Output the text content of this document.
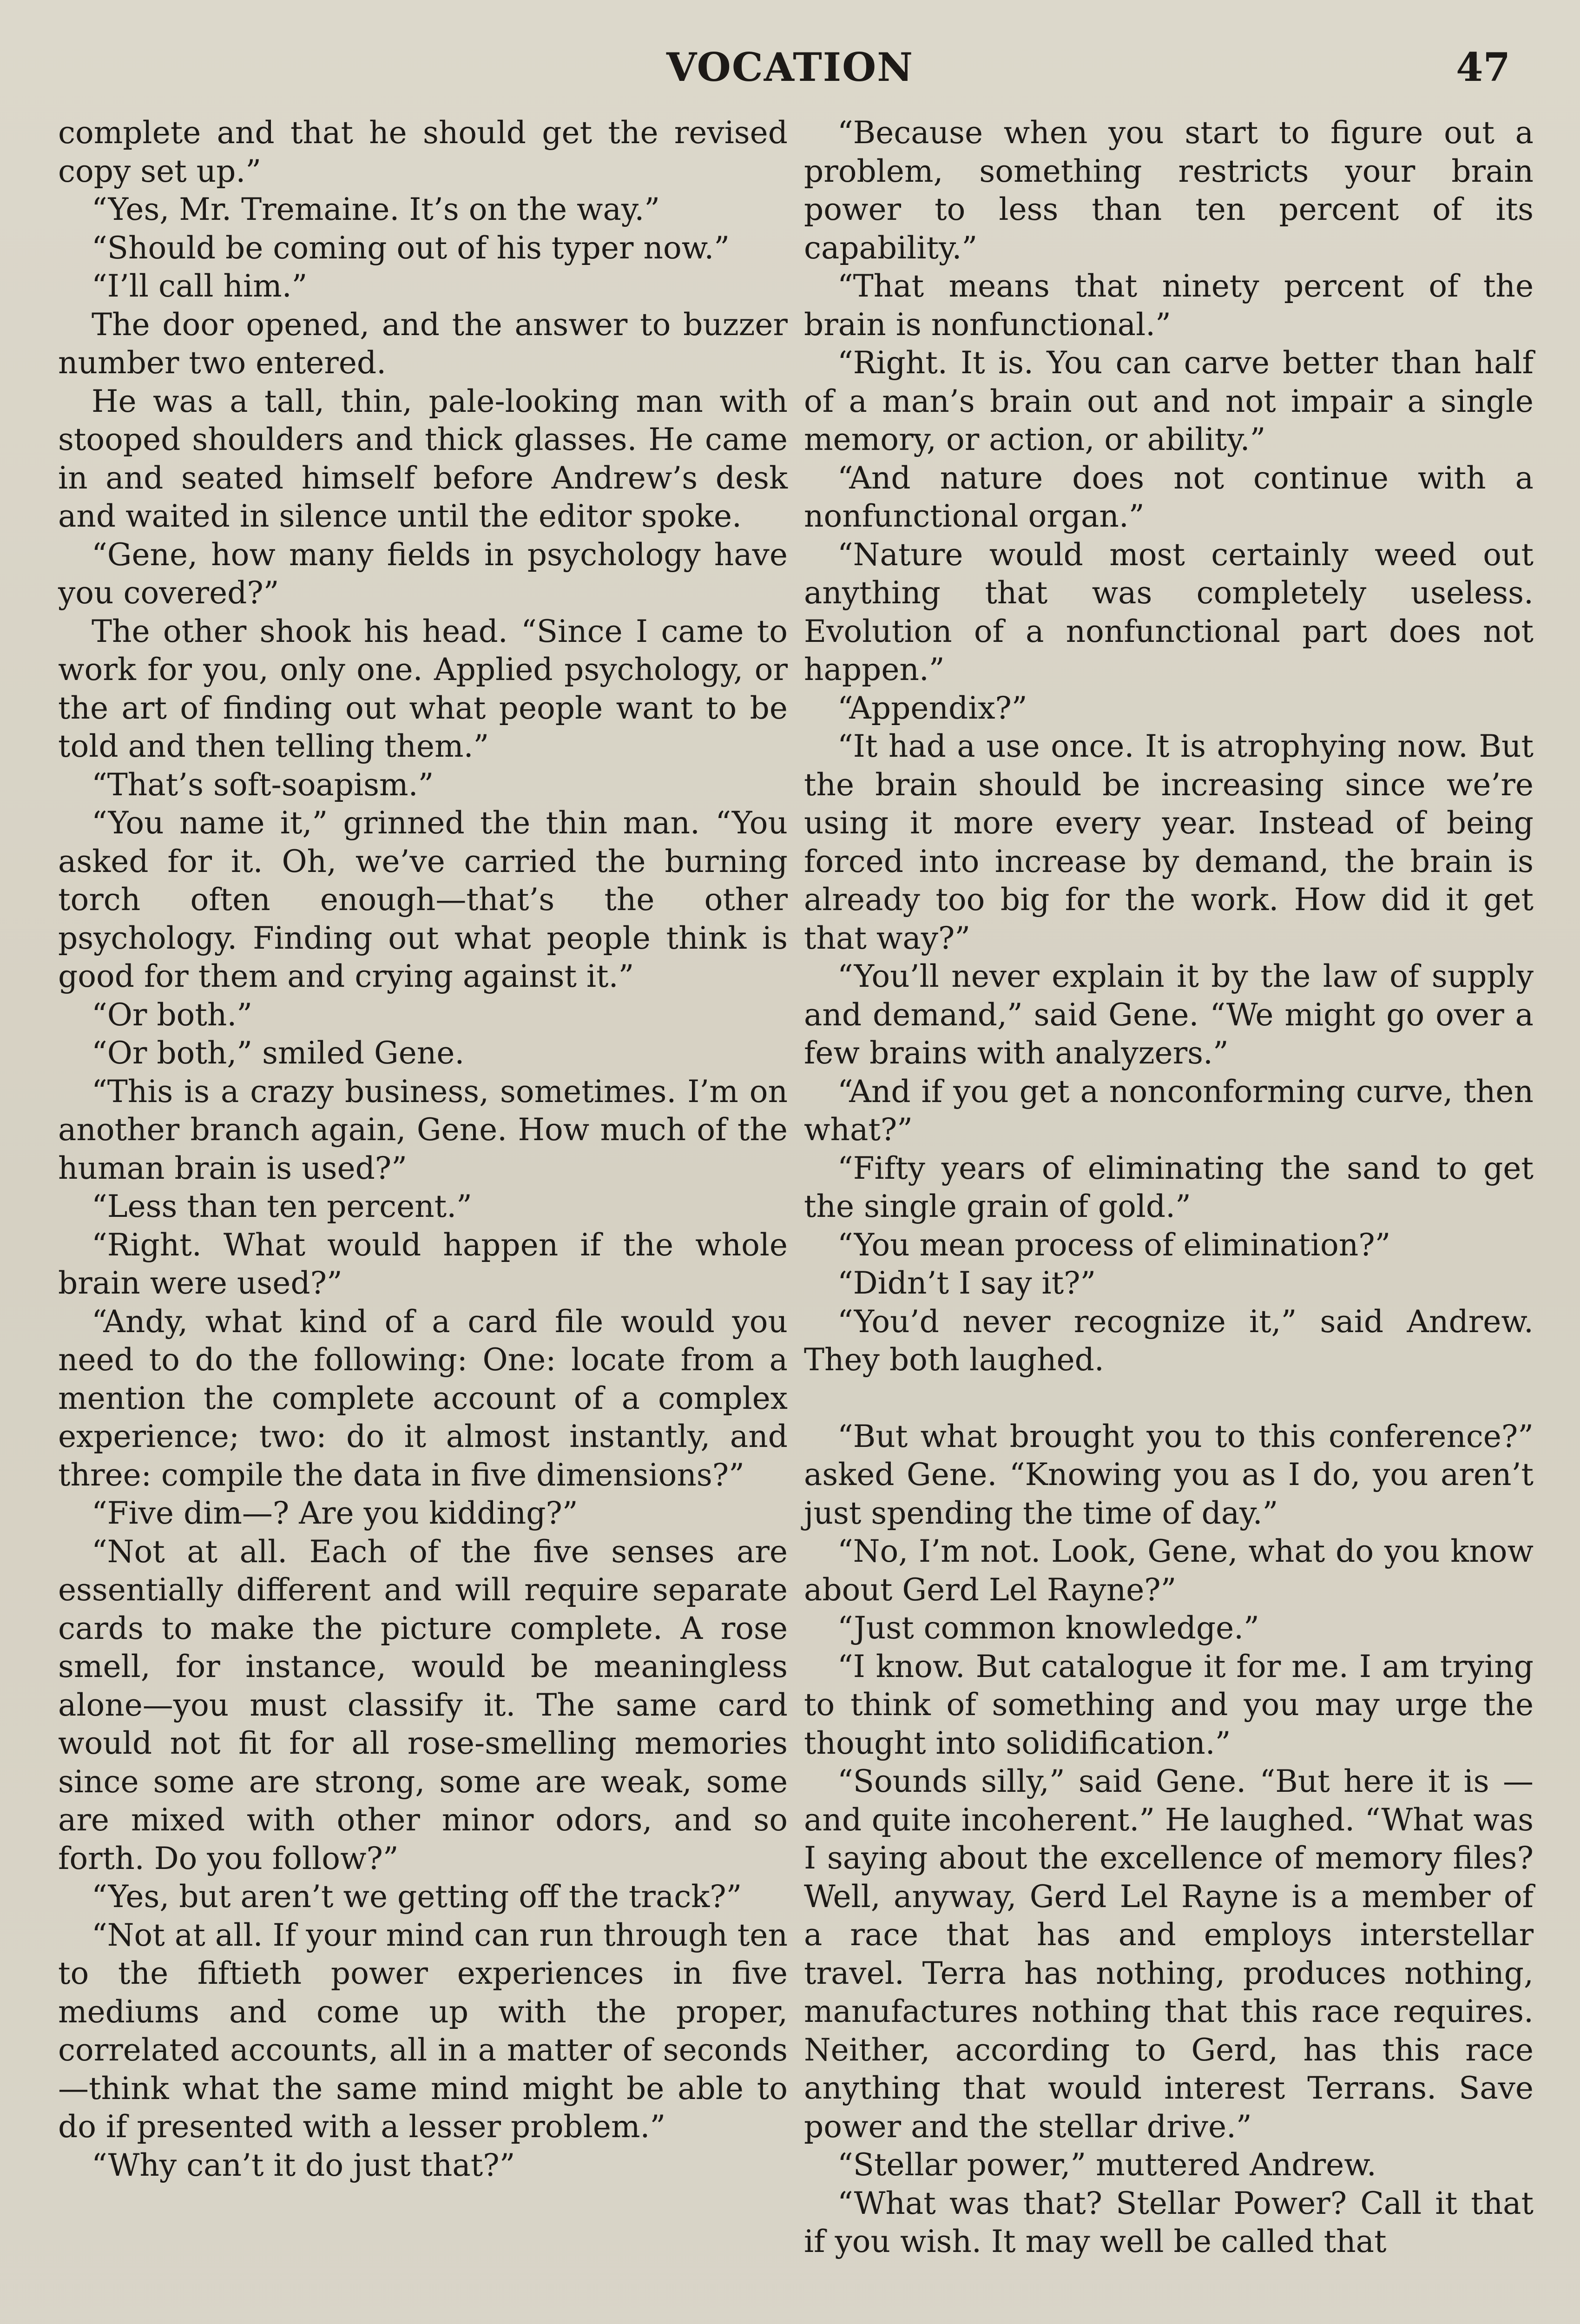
VOCATION	47

complete and that he should get the revised copy set up.”

“Yes, Mr. Tremaine. It’s on the way.”

“Should be coming out of his typer now.”

“I’ll call him.”

The door opened, and the answer to buzzer number two entered.

He was a tall, thin, pale-looking man with stooped shoulders and thick glasses. He came in and seated himself before Andrew’s desk and waited in silence until the editor spoke.

“Gene, how many fields in psychology have you covered?”

The other shook his head. “Since I came to work for you, only one. Applied psychology, or the art of finding out what people want to be told and then telling them.”

“That’s soft-soapism.”

“You name it,” grinned the thin man. “You asked for it. Oh, we’ve carried the burning torch often enough—that’s the other psychology. Finding out what people think is good for them and crying against it.”

“Or both.”

“Or both,” smiled Gene.

“This is a crazy business, sometimes. I’m on another branch again, Gene. How much of the human brain is used?”

“Less than ten percent.”

“Right. What would happen if the whole brain were used?”

“Andy, what kind of a card file would you need to do the following: One: locate from a mention the complete account of a complex experience; two: do it almost instantly, and three: compile the data in five dimensions?”

“Five dim—? Are you kidding?”

“Not at all. Each of the five senses are essentially different and will require separate cards to make the picture complete. A rose smell, for instance, would be meaningless alone—you must classify it. The same card would not fit for all rose-smelling memories since some are strong, some are weak, some are mixed with other minor odors, and so forth. Do you follow?”

“Yes, but aren’t we getting off the track?”

“Not at all. If your mind can run through ten to the fiftieth power experiences in five mediums and come up with the proper, correlated accounts, all in a matter of seconds —think what the same mind might be able to do if presented with a lesser problem.”

“Why can’t it do just that?”

“Because when you start to figure out a problem, something restricts your brain power to less than ten percent of its capability.”

“That means that ninety percent of the brain is nonfunctional.”

“Right. It is. You can carve better than half of a man’s brain out and not impair a single memory, or action, or ability.”

“And nature does not continue with a nonfunctional organ.”

“Nature would most certainly weed out anything that was completely useless. Evolution of a nonfunctional part does not happen.”

“Appendix?”

“It had a use once. It is atrophying now. But the brain should be increasing since we’re using it more every year. Instead of being forced into increase by demand, the brain is already too big for the work. How did it get that way?”

“You’ll never explain it by the law of supply and demand,” said Gene. “We might go over a few brains with analyzers.”

“And if you get a nonconforming curve, then what?”

“Fifty years of eliminating the sand to get the single grain of gold.”

“You mean process of elimination?”

“Didn’t I say it?”

“You’d never recognize it,” said Andrew. They both laughed.

“But what brought you to this conference?” asked Gene. “Knowing you as I do, you aren’t just spending the time of day.”

“No, I’m not. Look, Gene, what do you know about Gerd Lel Rayne?”

“Just common knowledge.”

“I know. But catalogue it for me. I am trying to think of something and you may urge the thought into solidification.”

“Sounds silly,” said Gene. “But here it is —and quite incoherent.” He laughed. “What was I saying about the excellence of memory files? Well, anyway, Gerd Lel Rayne is a member of a race that has and employs interstellar travel. Terra has nothing, produces nothing, manufactures nothing that this race requires. Neither, according to Gerd, has this race anything that would interest Terrans. Save power and the stellar drive.”

“Stellar power,” muttered Andrew.

“What was that? Stellar Power? Call it that if you wish. It may well be called that
